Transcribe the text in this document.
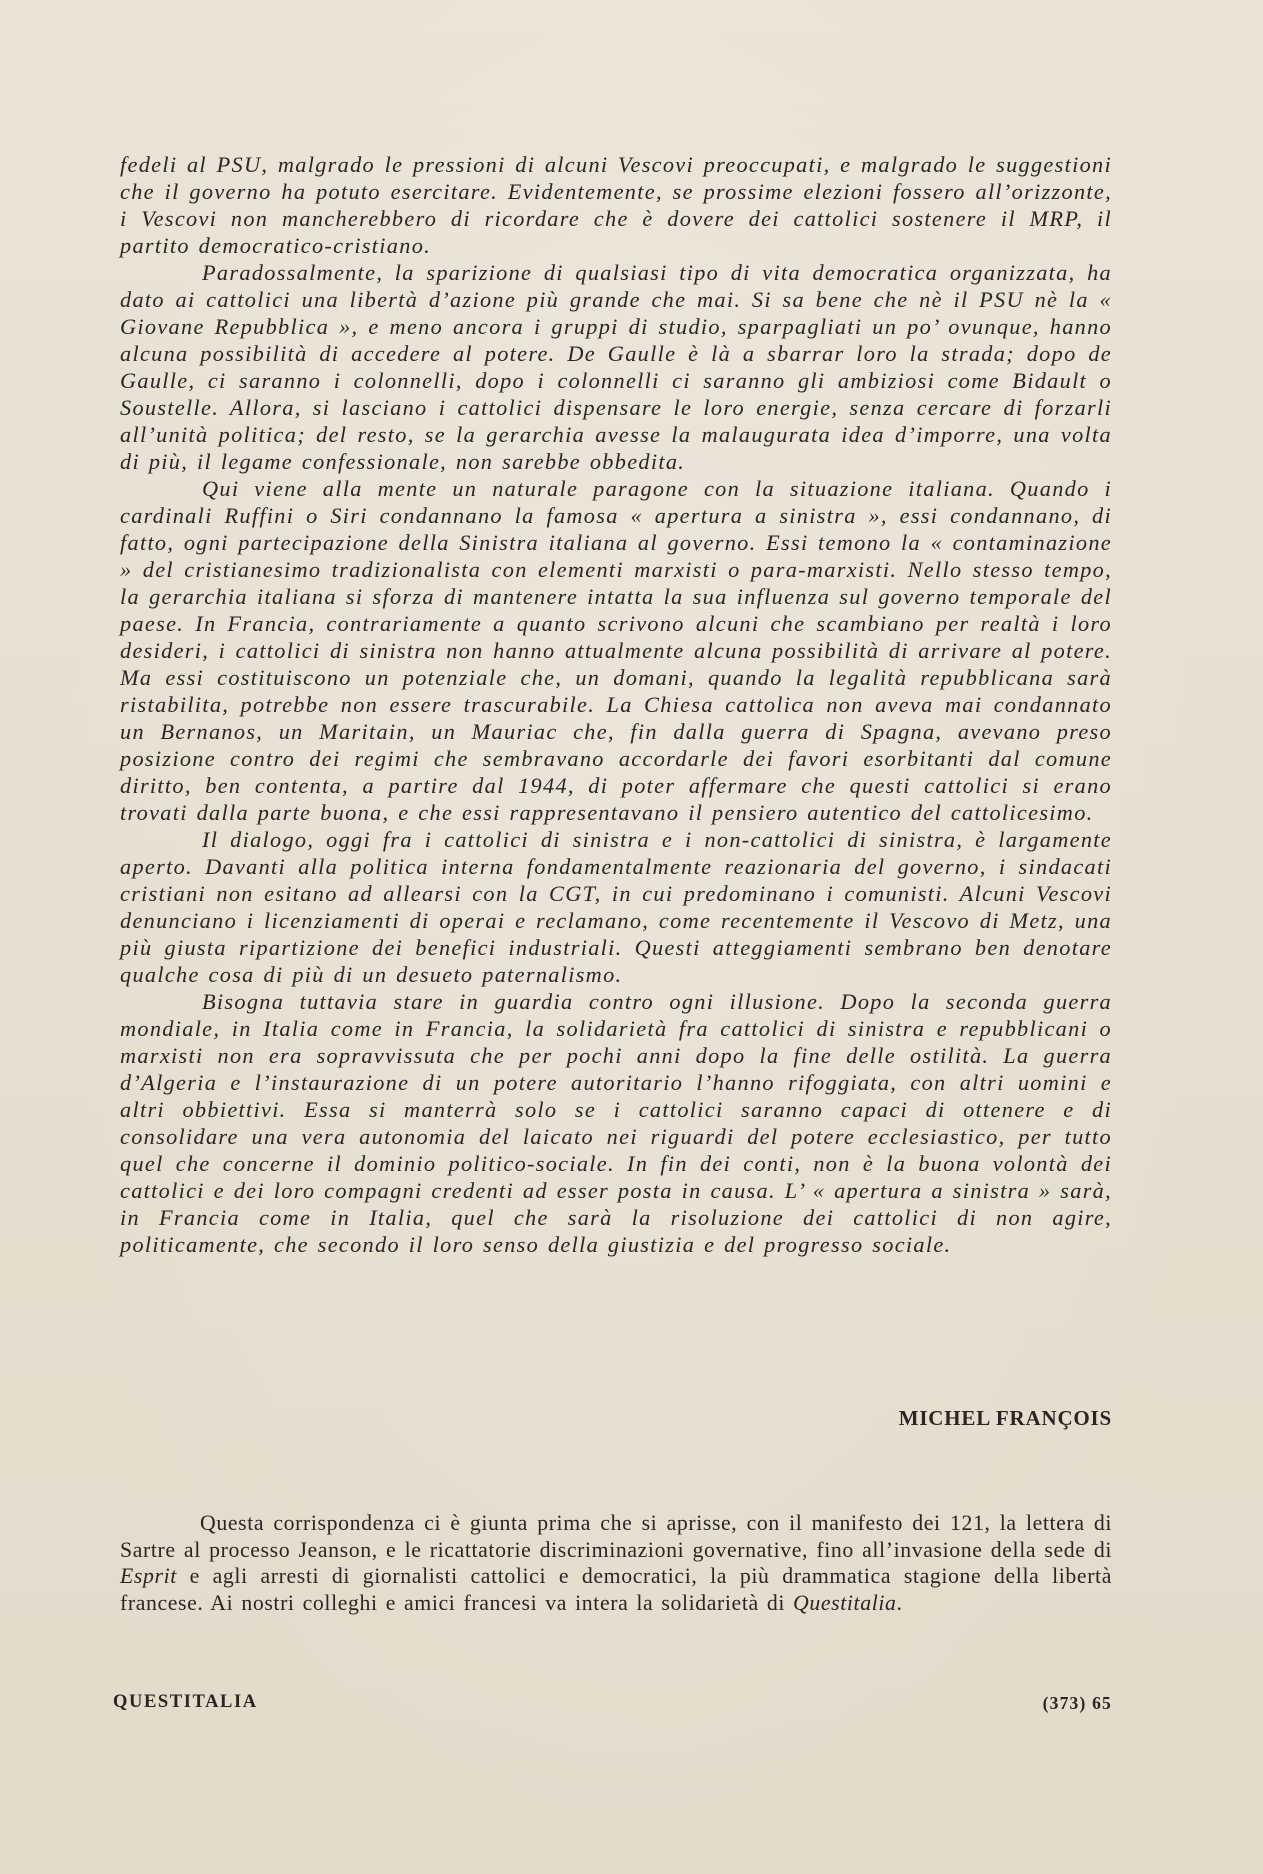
fedeli al PSU, malgrado le pressioni di alcuni Vescovi preoccupati, e malgrado le suggestioni che il governo ha potuto esercitare. Evidentemente, se prossime elezioni fossero all’orizzonte, i Vescovi non mancherebbero di ricordare che è dovere dei cattolici sostenere il MRP, il partito democratico-cristiano.

Paradossalmente, la sparizione di qualsiasi tipo di vita democratica organizzata, ha dato ai cattolici una libertà d’azione più grande che mai. Si sa bene che nè il PSU nè la « Giovane Repubblica », e meno ancora i gruppi di studio, sparpagliati un po’ ovunque, hanno alcuna possibilità di accedere al potere. De Gaulle è là a sbarrar loro la strada; dopo de Gaulle, ci saranno i colonnelli, dopo i colonnelli ci saranno gli ambiziosi come Bidault o Soustelle. Allora, si lasciano i cattolici dispensare le loro energie, senza cercare di forzarli all’unità politica; del resto, se la gerarchia avesse la malaugurata idea d’imporre, una volta di più, il legame confessionale, non sarebbe obbedita.

Qui viene alla mente un naturale paragone con la situazione italiana. Quando i cardinali Ruffini o Siri condannano la famosa « apertura a sinistra », essi condannano, di fatto, ogni partecipazione della Sinistra italiana al governo. Essi temono la « contaminazione » del cristianesimo tradizionalista con elementi marxisti o para-marxisti. Nello stesso tempo, la gerarchia italiana si sforza di mantenere intatta la sua influenza sul governo temporale del paese. In Francia, contrariamente a quanto scrivono alcuni che scambiano per realtà i loro desideri, i cattolici di sinistra non hanno attualmente alcuna possibilità di arrivare al potere. Ma essi costituiscono un potenziale che, un domani, quando la legalità repubblicana sarà ristabilita, potrebbe non essere trascurabile. La Chiesa cattolica non aveva mai condannato un Bernanos, un Maritain, un Mauriac che, fin dalla guerra di Spagna, avevano preso posizione contro dei regimi che sembravano accordarle dei favori esorbitanti dal comune diritto, ben contenta, a partire dal 1944, di poter affermare che questi cattolici si erano trovati dalla parte buona, e che essi rappresentavano il pensiero autentico del cattolicesimo.

Il dialogo, oggi fra i cattolici di sinistra e i non-cattolici di sinistra, è largamente aperto. Davanti alla politica interna fondamentalmente reazionaria del governo, i sindacati cristiani non esitano ad allearsi con la CGT, in cui predominano i comunisti. Alcuni Vescovi denunciano i licenziamenti di operai e reclamano, come recentemente il Vescovo di Metz, una più giusta ripartizione dei benefici industriali. Questi atteggiamenti sembrano ben denotare qualche cosa di più di un desueto paternalismo.

Bisogna tuttavia stare in guardia contro ogni illusione. Dopo la seconda guerra mondiale, in Italia come in Francia, la solidarietà fra cattolici di sinistra e repubblicani o marxisti non era sopravvissuta che per pochi anni dopo la fine delle ostilità. La guerra d’Algeria e l’instaurazione di un potere autoritario l’hanno rifoggiata, con altri uomini e altri obbiettivi. Essa si manterrà solo se i cattolici saranno capaci di ottenere e di consolidare una vera autonomia del laicato nei riguardi del potere ecclesiastico, per tutto quel che concerne il dominio politico-sociale. In fin dei conti, non è la buona volontà dei cattolici e dei loro compagni credenti ad esser posta in causa. L’ « apertura a sinistra » sarà, in Francia come in Italia, quel che sarà la risoluzione dei cattolici di non agire, politicamente, che secondo il loro senso della giustizia e del progresso sociale.

MICHEL FRANÇOIS

Questa corrispondenza ci è giunta prima che si aprisse, con il manifesto dei 121, la lettera di Sartre al processo Jeanson, e le ricattatorie discriminazioni governative, fino all’invasione della sede di Esprit e agli arresti di giornalisti cattolici e democratici, la più drammatica stagione della libertà francese. Ai nostri colleghi e amici francesi va intera la solidarietà di Questitalia.

QUESTITALIA	(373) 65
